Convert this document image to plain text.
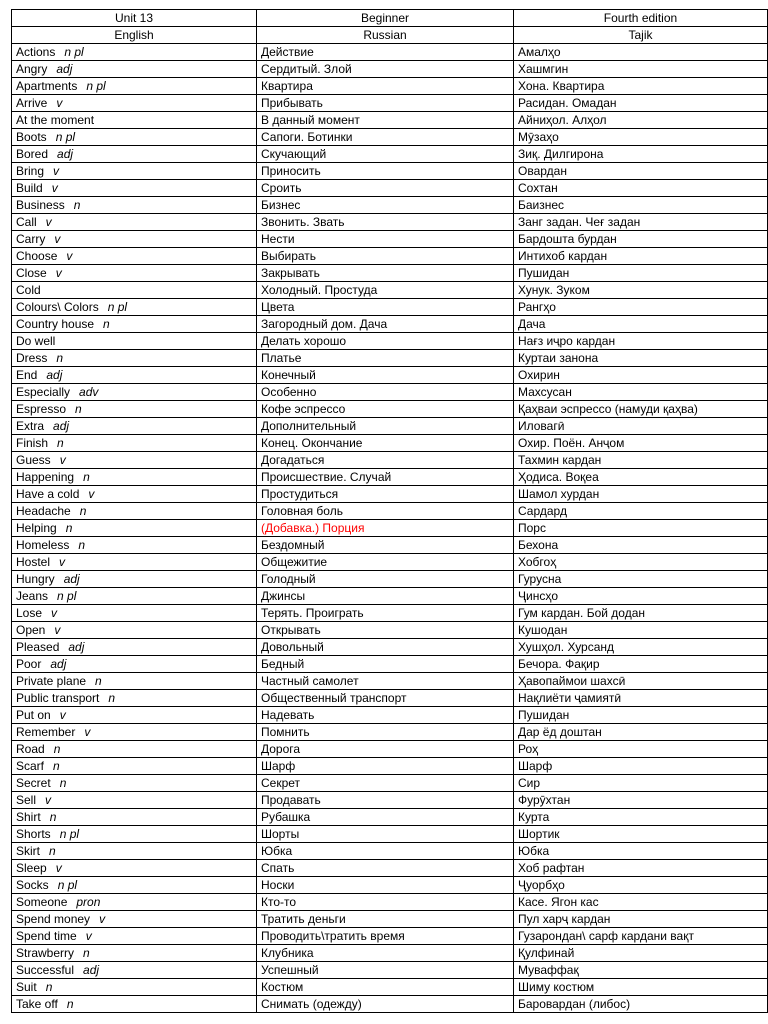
Unit 13	Beginner	Fourth edition
English	Russian	Tajik
Actions n pl	Действие	Амалҳо
Angry adj	Сердитый. Злой	Хашмгин
Apartments n pl	Квартира	Хона. Квартира
Arrive v	Прибывать	Расидан. Омадан
At the moment	В данный момент	Айниҳол. Алҳол
Boots n pl	Сапоги. Ботинки	Мӯзаҳо
Bored adj	Скучающий	Зиқ. Дилгирона
Bring v	Приносить	Овардан
Build v	Сроить	Сохтан
Business n	Бизнес	Баизнес
Call v	Звонить. Звать	Занг задан. Чеғ задан
Carry v	Нести	Бардошта бурдан
Choose v	Выбирать	Интихоб кардан
Close v	Закрывать	Пушидан
Cold	Холодный. Простуда	Хунук. Зуком
Colours\ Colors n pl	Цвета	Рангҳо
Country house n	Загородный дом. Дача	Дача
Do well	Делать хорошо	Нағз иҷро кардан
Dress n	Платье	Куртаи занона
End adj	Конечный	Охирин
Especially adv	Особенно	Махсусан
Espresso n	Кофе эспрессо	Қаҳваи эспрессо (намуди қаҳва)
Extra adj	Дополнительный	Иловагӣ
Finish n	Конец. Окончание	Охир. Поён. Анҷом
Guess v	Догадаться	Тахмин кардан
Happening n	Происшествие. Случай	Ҳодиса. Воқеа
Have a cold v	Простудиться	Шамол хурдан
Headache n	Головная боль	Сардард
Helping n	(Добавка.) Порция	Порс
Homeless n	Бездомный	Бехона
Hostel v	Общежитие	Хобгоҳ
Hungry adj	Голодный	Гурусна
Jeans n pl	Джинсы	Ҷинсҳо
Lose v	Терять. Проиграть	Гум кардан. Бой додан
Open v	Открывать	Кушодан
Pleased adj	Довольный	Хушҳол. Хурсанд
Poor adj	Бедный	Бечора. Фақир
Private plane n	Частный самолет	Ҳавопаймои шахсӣ
Public transport n	Общественный транспорт	Нақлиёти ҷамиятӣ
Put on v	Надевать	Пушидан
Remember v	Помнить	Дар ёд доштан
Road n	Дорога	Роҳ
Scarf n	Шарф	Шарф
Secret n	Секрет	Сир
Sell v	Продавать	Фурӯхтан
Shirt n	Рубашка	Курта
Shorts n pl	Шорты	Шортик
Skirt n	Юбка	Юбка
Sleep v	Спать	Хоб рафтан
Socks n pl	Носки	Ҷуорбҳо
Someone pron	Кто-то	Касе. Ягон кас
Spend money v	Тратить деньги	Пул харҷ кардан
Spend time v	Проводить\тратить время	Гузарондан\ сарф кардани вақт
Strawberry n	Клубника	Қулфинай
Successful adj	Успешный	Муваффақ
Suit n	Костюм	Шиму костюм
Take off n	Снимать (одежду)	Баровардан (либос)
